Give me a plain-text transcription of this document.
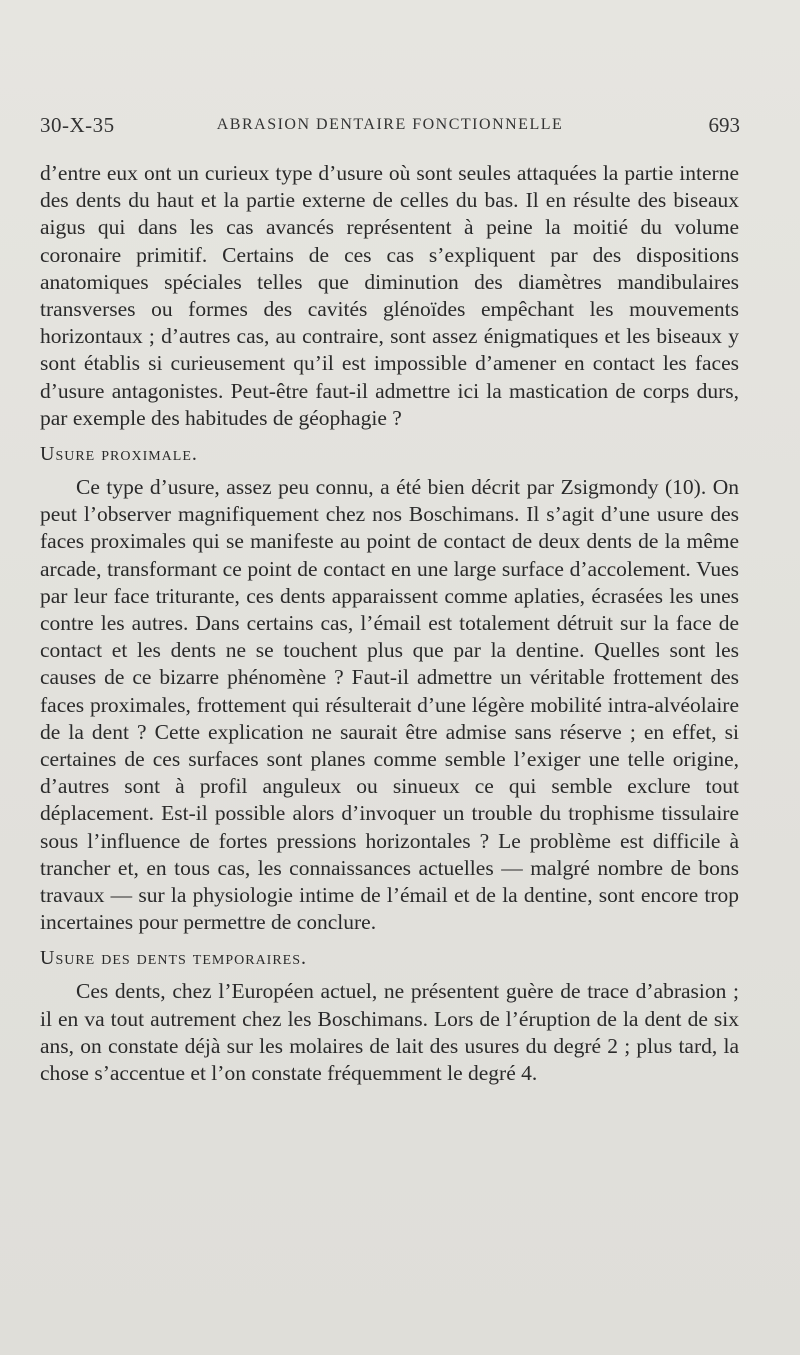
30-X-35	ABRASION DENTAIRE FONCTIONNELLE	693

d’entre eux ont un curieux type d’usure où sont seules attaquées la partie interne des dents du haut et la partie externe de celles du bas. Il en résulte des biseaux aigus qui dans les cas avancés représentent à peine la moitié du volume coronaire primitif. Certains de ces cas s’expliquent par des dispositions anatomiques spéciales telles que diminution des diamètres mandibulaires transverses ou formes des cavités glénoïdes empêchant les mouvements horizontaux ; d’autres cas, au contraire, sont assez énigmatiques et les biseaux y sont établis si curieusement qu’il est impossible d’amener en contact les faces d’usure antagonistes. Peut-être faut-il admettre ici la mastication de corps durs, par exemple des habitudes de géophagie ?

Usure proximale.

Ce type d’usure, assez peu connu, a été bien décrit par Zsigmondy (10). On peut l’observer magnifiquement chez nos Boschimans. Il s’agit d’une usure des faces proximales qui se manifeste au point de contact de deux dents de la même arcade, transformant ce point de contact en une large surface d’accolement. Vues par leur face triturante, ces dents apparaissent comme aplaties, écrasées les unes contre les autres. Dans certains cas, l’émail est totalement détruit sur la face de contact et les dents ne se touchent plus que par la dentine. Quelles sont les causes de ce bizarre phénomène ? Faut-il admettre un véritable frottement des faces proximales, frottement qui résulterait d’une légère mobilité intra-alvéolaire de la dent ? Cette explication ne saurait être admise sans réserve ; en effet, si certaines de ces surfaces sont planes comme semble l’exiger une telle origine, d’autres sont à profil anguleux ou sinueux ce qui semble exclure tout déplacement. Est-il possible alors d’invoquer un trouble du trophisme tissulaire sous l’influence de fortes pressions horizontales ? Le problème est difficile à trancher et, en tous cas, les connaissances actuelles — malgré nombre de bons travaux — sur la physiologie intime de l’émail et de la dentine, sont encore trop incertaines pour permettre de conclure.

Usure des dents temporaires.

Ces dents, chez l’Européen actuel, ne présentent guère de trace d’abrasion ; il en va tout autrement chez les Boschimans. Lors de l’éruption de la dent de six ans, on constate déjà sur les molaires de lait des usures du degré 2 ; plus tard, la chose s’accentue et l’on constate fréquemment le degré 4.
